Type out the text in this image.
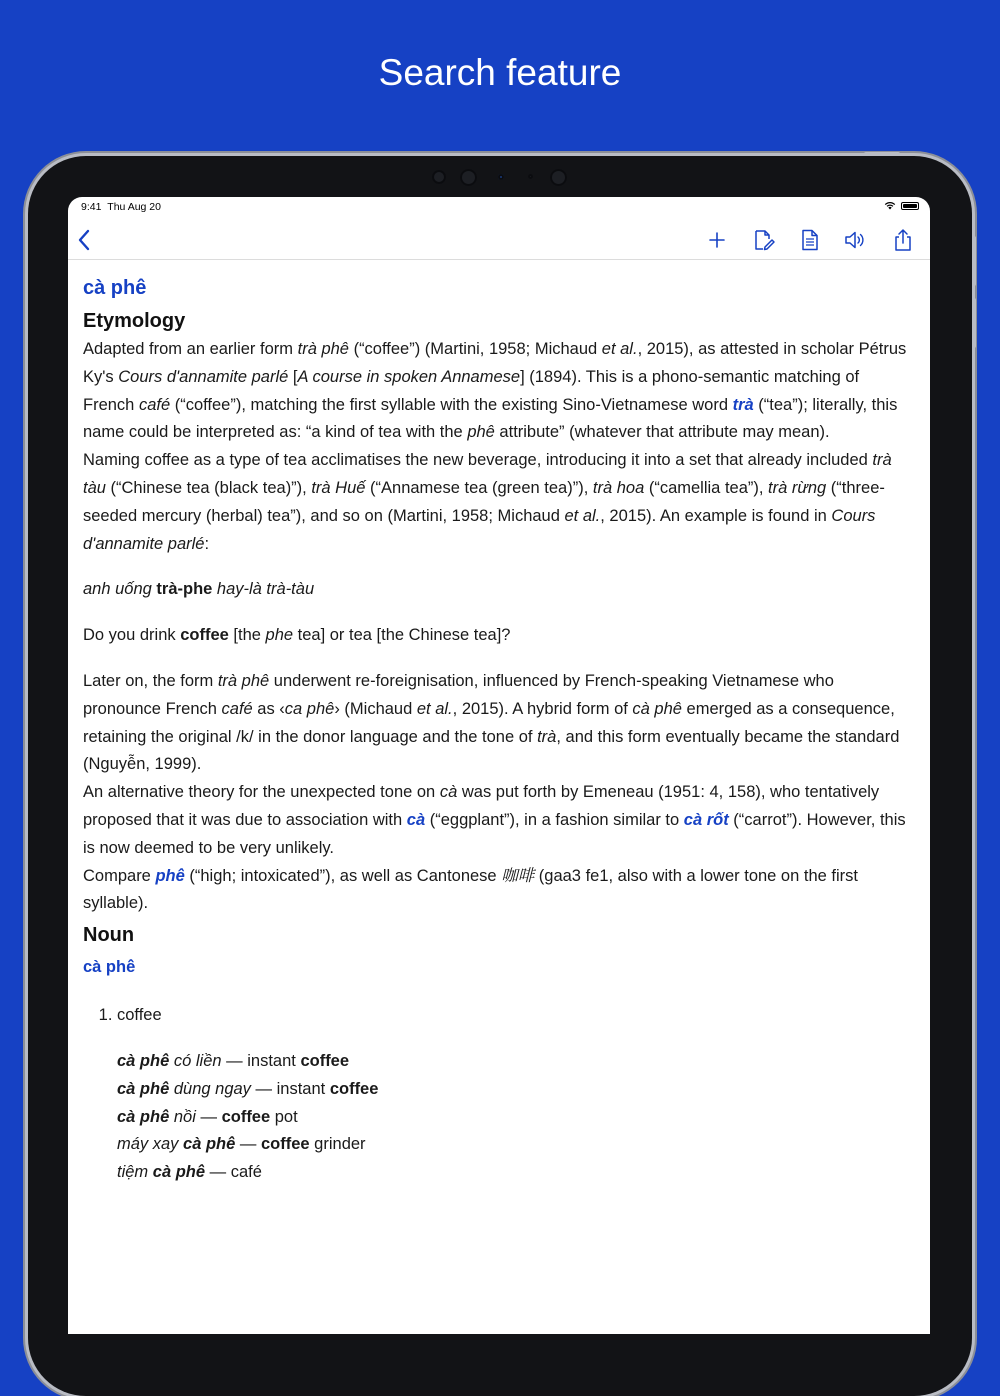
Search feature
9:41 Thu Aug 20
cà phê
Etymology

Adapted from an earlier form trà phê (“coffee”) (Martini, 1958; Michaud et al., 2015), as attested in scholar Pétrus Ky's Cours d'annamite parlé [A course in spoken Annamese] (1894). This is a phono-semantic matching of French café (“coffee”), matching the first syllable with the existing Sino-Vietnamese word trà (“tea”); literally, this name could be interpreted as: “a kind of tea with the phê attribute” (whatever that attribute may mean).

Naming coffee as a type of tea acclimatises the new beverage, introducing it into a set that already included trà tàu (“Chinese tea (black tea)”), trà Huế (“Annamese tea (green tea)”), trà hoa (“camellia tea”), trà rừng (“three-seeded mercury (herbal) tea”), and so on (Martini, 1958; Michaud et al., 2015). An example is found in Cours d'annamite parlé:

anh uống trà-phe hay-là trà-tàu

Do you drink coffee [the phe tea] or tea [the Chinese tea]?

Later on, the form trà phê underwent re-foreignisation, influenced by French-speaking Vietnamese who pronounce French café as ‹ca phê› (Michaud et al., 2015). A hybrid form of cà phê emerged as a consequence, retaining the original /k/ in the donor language and the tone of trà, and this form eventually became the standard (Nguyễn, 1999).

An alternative theory for the unexpected tone on cà was put forth by Emeneau (1951: 4, 158), who tentatively proposed that it was due to association with cà (“eggplant”), in a fashion similar to cà rốt (“carrot”). However, this is now deemed to be very unlikely.

Compare phê (“high; intoxicated”), as well as Cantonese 咖啡 (gaa3 fe1, also with a lower tone on the first syllable).

Noun
cà phê
1. coffee
cà phê có liền — instant coffee
cà phê dùng ngay — instant coffee
cà phê nồi — coffee pot
máy xay cà phê — coffee grinder
tiệm cà phê — café
